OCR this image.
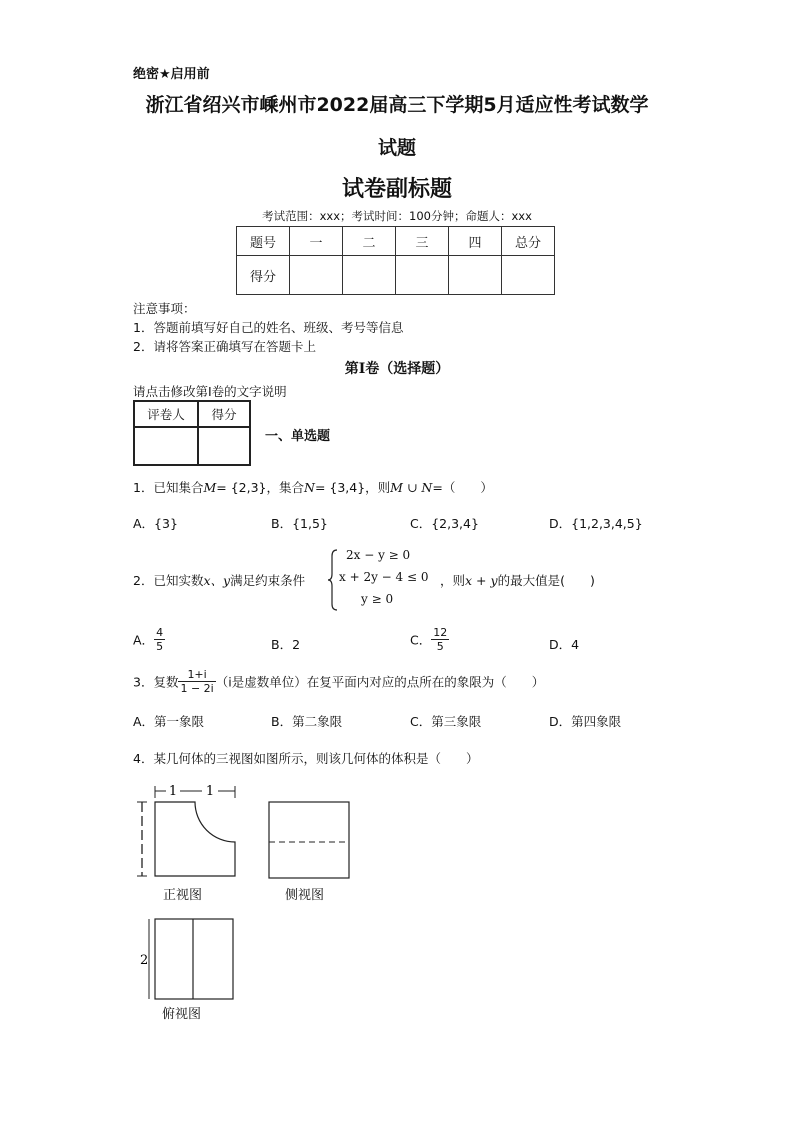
绝密★启用前
浙江省绍兴市嵊州市2022届高三下学期5月适应性考试数学
试题
试卷副标题
考试范围：xxx；考试时间：100分钟；命题人：xxx
题号	一	二	三	四	总分
得分					
注意事项：
1．答题前填写好自己的姓名、班级、考号等信息
2．请将答案正确填写在答题卡上
第I卷（选择题）
请点击修改第I卷的文字说明
评卷人	得分

一、单选题
1．已知集合M= {2,3}，集合N= {3,4}，则M ∪ N=（　　）
A．{3}	B．{1,5}	C．{2,3,4}	D．{1,2,3,4,5}
2．已知实数x、y满足约束条件
2x − y ≥ 0
x + 2y − 4 ≤ 0
y ≥ 0
，则x + y的最大值是(　　)
A． $\frac{4}{5}$	B．2	C． $\frac{12}{5}$	D．4
3．复数 $\frac{1+i}{1 - 2i} (i$是虚数单位）在复平面内对应的点所在的象限为（　　）
A．第一象限	B．第二象限	C．第三象限	D．第四象限
4．某几何体的三视图如图所示，则该几何体的体积是（　　）
1 1
正视图	侧视图
2
俯视图
